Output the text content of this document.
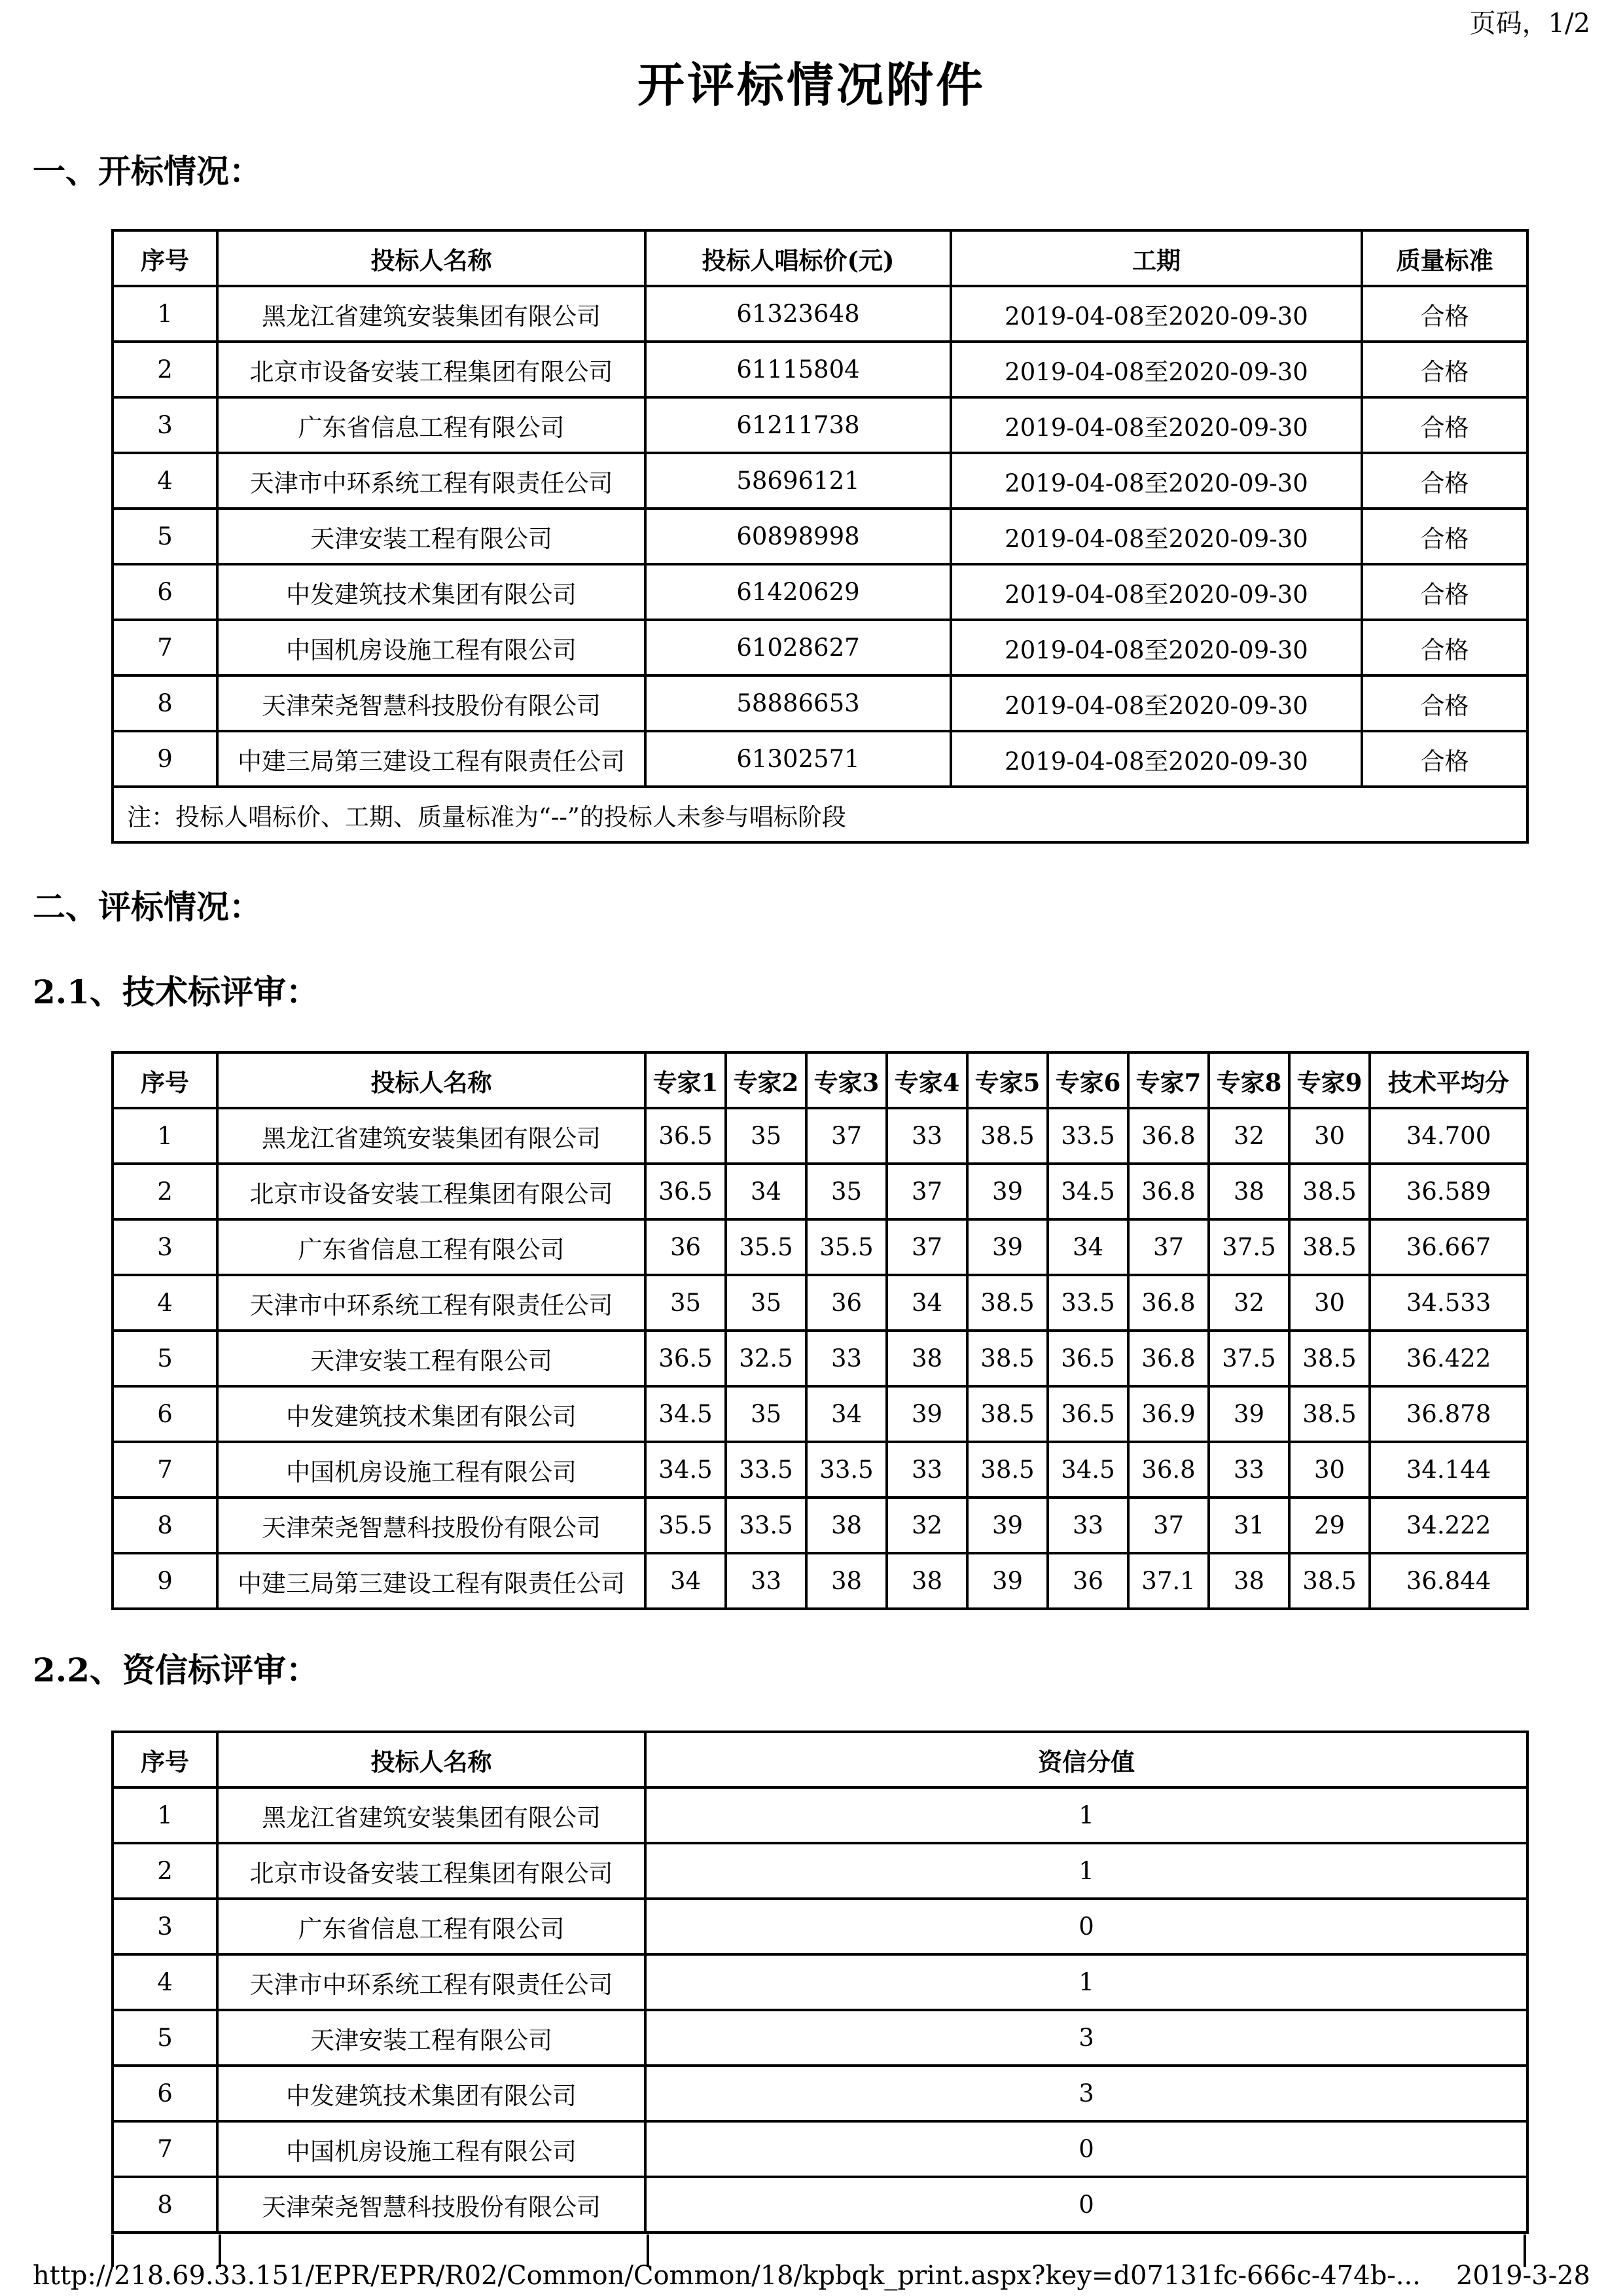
页码，1/2
开评标情况附件
一、开标情况：
序号	投标人名称	投标人唱标价(元)	工期	质量标准
1	黑龙江省建筑安装集团有限公司	61323648	2019-04-08至2020-09-30	合格
2	北京市设备安装工程集团有限公司	61115804	2019-04-08至2020-09-30	合格
3	广东省信息工程有限公司	61211738	2019-04-08至2020-09-30	合格
4	天津市中环系统工程有限责任公司	58696121	2019-04-08至2020-09-30	合格
5	天津安装工程有限公司	60898998	2019-04-08至2020-09-30	合格
6	中发建筑技术集团有限公司	61420629	2019-04-08至2020-09-30	合格
7	中国机房设施工程有限公司	61028627	2019-04-08至2020-09-30	合格
8	天津荣尧智慧科技股份有限公司	58886653	2019-04-08至2020-09-30	合格
9	中建三局第三建设工程有限责任公司	61302571	2019-04-08至2020-09-30	合格
注：投标人唱标价、工期、质量标准为“--”的投标人未参与唱标阶段				
二、评标情况：
2.1、技术标评审：
序号	投标人名称	专家1	专家2	专家3	专家4	专家5	专家6	专家7	专家8	专家9	技术平均分
1	黑龙江省建筑安装集团有限公司	36.5	35	37	33	38.5	33.5	36.8	32	30	34.700
2	北京市设备安装工程集团有限公司	36.5	34	35	37	39	34.5	36.8	38	38.5	36.589
3	广东省信息工程有限公司	36	35.5	35.5	37	39	34	37	37.5	38.5	36.667
4	天津市中环系统工程有限责任公司	35	35	36	34	38.5	33.5	36.8	32	30	34.533
5	天津安装工程有限公司	36.5	32.5	33	38	38.5	36.5	36.8	37.5	38.5	36.422
6	中发建筑技术集团有限公司	34.5	35	34	39	38.5	36.5	36.9	39	38.5	36.878
7	中国机房设施工程有限公司	34.5	33.5	33.5	33	38.5	34.5	36.8	33	30	34.144
8	天津荣尧智慧科技股份有限公司	35.5	33.5	38	32	39	33	37	31	29	34.222
9	中建三局第三建设工程有限责任公司	34	33	38	38	39	36	37.1	38	38.5	36.844
2.2、资信标评审：
序号	投标人名称	资信分值
1	黑龙江省建筑安装集团有限公司	1
2	北京市设备安装工程集团有限公司	1
3	广东省信息工程有限公司	0
4	天津市中环系统工程有限责任公司	1
5	天津安装工程有限公司	3
6	中发建筑技术集团有限公司	3
7	中国机房设施工程有限公司	0
8	天津荣尧智慧科技股份有限公司	0
http://218.69.33.151/EPR/EPR/R02/Common/Common/18/kpbqk_print.aspx?key=d07131fc-666c-474b-... 2019-3-28
